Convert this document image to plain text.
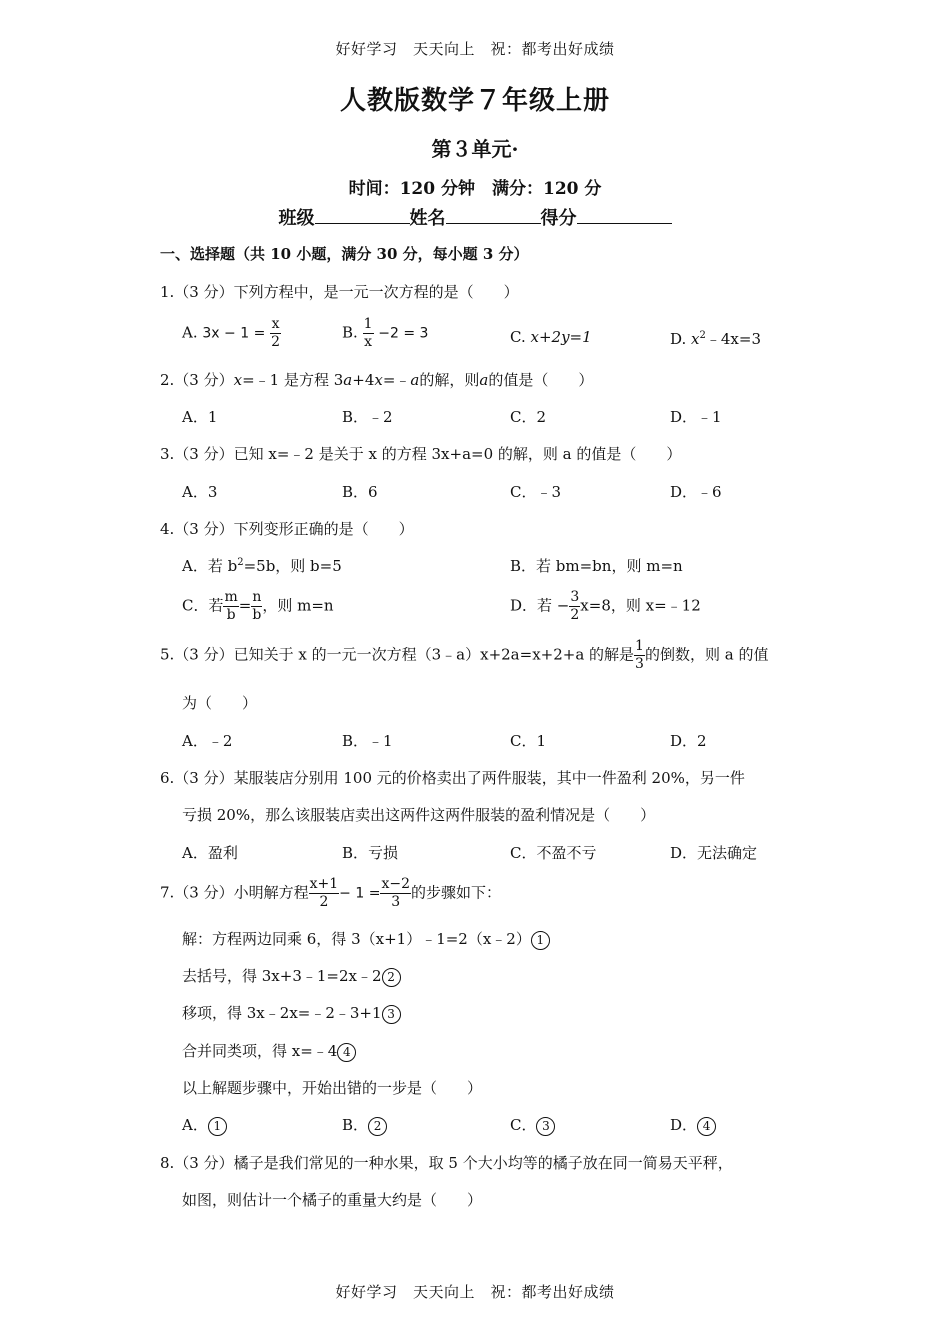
好好学习　天天向上　祝：都考出好成绩
人教版数学７年级上册
第３单元·
时间：120 分钟　满分：120 分
班级	姓名	得分
一、选择题（共 10 小题，满分 30 分，每小题 3 分）
1.（3 分）下列方程中，是一元一次方程的是（　　）
A. $3x - 1 = \frac{x}{2}$	B. $\frac{1}{x} -2 = 3$	C. x+2y=1	D. $x^2﹣4x=3$
2.（3 分）x=﹣1 是方程 3a+4x=﹣a的解，则a的值是（　　）
A．1	B．﹣2	C．2	D．﹣1
3.（3 分）已知 x=﹣2 是关于 x 的方程 3x+a=0 的解，则 a 的值是（　　）
A．3	B．6	C．﹣3	D．﹣6
4.（3 分）下列变形正确的是（　　）
A．若 $b^2=5b$，则 b=5	B．若 bm=bn，则 m=n
C．若 $\frac{m}{b} = \frac{n}{b}$ ，则 m=n	D．若 − $\frac{3}{2} x=8$，则 x=﹣12
5.（3 分）已知关于 x 的一元一次方程（3﹣a）x+2a=x+2+a 的解是 $\frac{1}{3}$ 的倒数，则 a 的值
为（　　）
A．﹣2	B．﹣1	C．1	D．2
6.（3 分）某服装店分别用 100 元的价格卖出了两件服装，其中一件盈利 20%，另一件
亏损 20%，那么该服装店卖出这两件这两件服装的盈利情况是（　　）
A．盈利	B．亏损	C．不盈不亏	D．无法确定
7.（3 分）小明解方程 $\frac{x+1}{2} - 1 = \frac{x-2}{3}$ 的步骤如下：
解：方程两边同乘 6，得 3（x+1）﹣1=2（x﹣2） 1
去括号，得 3x+3﹣1=2x﹣2 2
移项，得 3x﹣2x=﹣2﹣3+1 3
合并同类项，得 x=﹣4 4
以上解题步骤中，开始出错的一步是（　　）
A． 1	B． 2	C． 3	D． 4
8.（3 分）橘子是我们常见的一种水果，取 5 个大小均等的橘子放在同一简易天平秤，
如图，则估计一个橘子的重量大约是（　　）
好好学习　天天向上　祝：都考出好成绩
